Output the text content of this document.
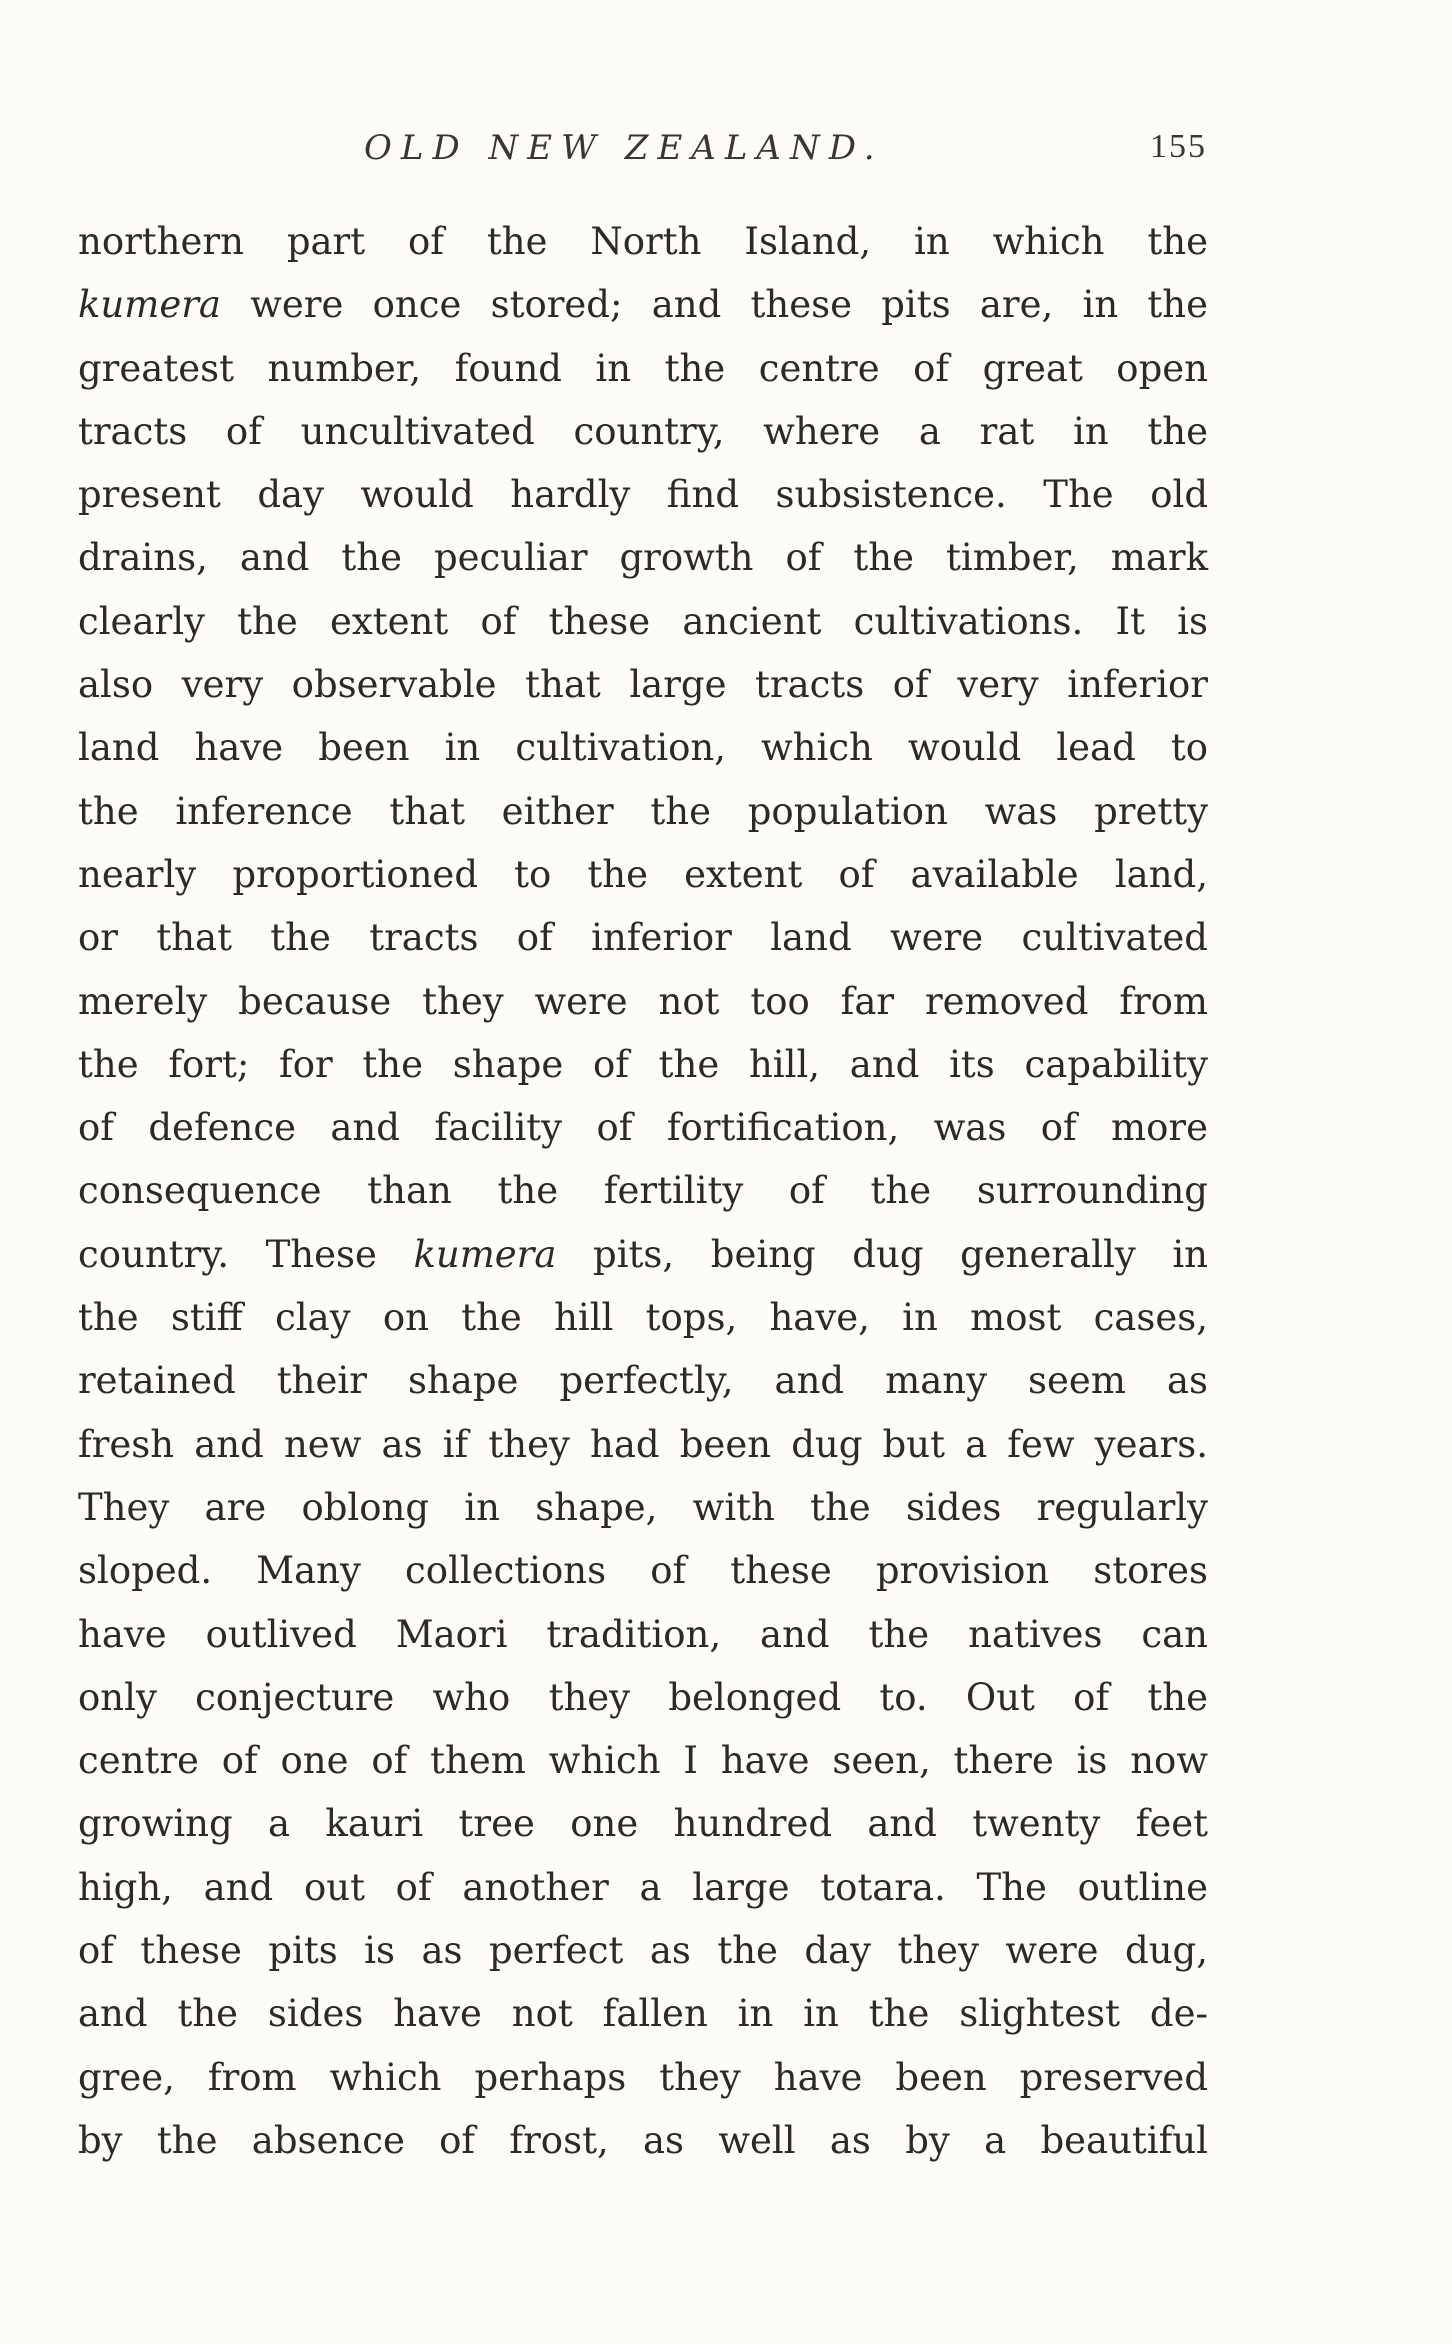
OLD NEW ZEALAND.	155
northern part of the North Island, in which the
kumera were once stored; and these pits are, in the
greatest number, found in the centre of great open
tracts of uncultivated country, where a rat in the
present day would hardly find subsistence. The old
drains, and the peculiar growth of the timber, mark
clearly the extent of these ancient cultivations. It is
also very observable that large tracts of very inferior
land have been in cultivation, which would lead to
the inference that either the population was pretty
nearly proportioned to the extent of available land,
or that the tracts of inferior land were cultivated
merely because they were not too far removed from
the fort; for the shape of the hill, and its capability
of defence and facility of fortification, was of more
consequence than the fertility of the surrounding
country. These kumera pits, being dug generally in
the stiff clay on the hill tops, have, in most cases,
retained their shape perfectly, and many seem as
fresh and new as if they had been dug but a few years.
They are oblong in shape, with the sides regularly
sloped. Many collections of these provision stores
have outlived Maori tradition, and the natives can
only conjecture who they belonged to. Out of the
centre of one of them which I have seen, there is now
growing a kauri tree one hundred and twenty feet
high, and out of another a large totara. The outline
of these pits is as perfect as the day they were dug,
and the sides have not fallen in in the slightest de-
gree, from which perhaps they have been preserved
by the absence of frost, as well as by a beautiful
